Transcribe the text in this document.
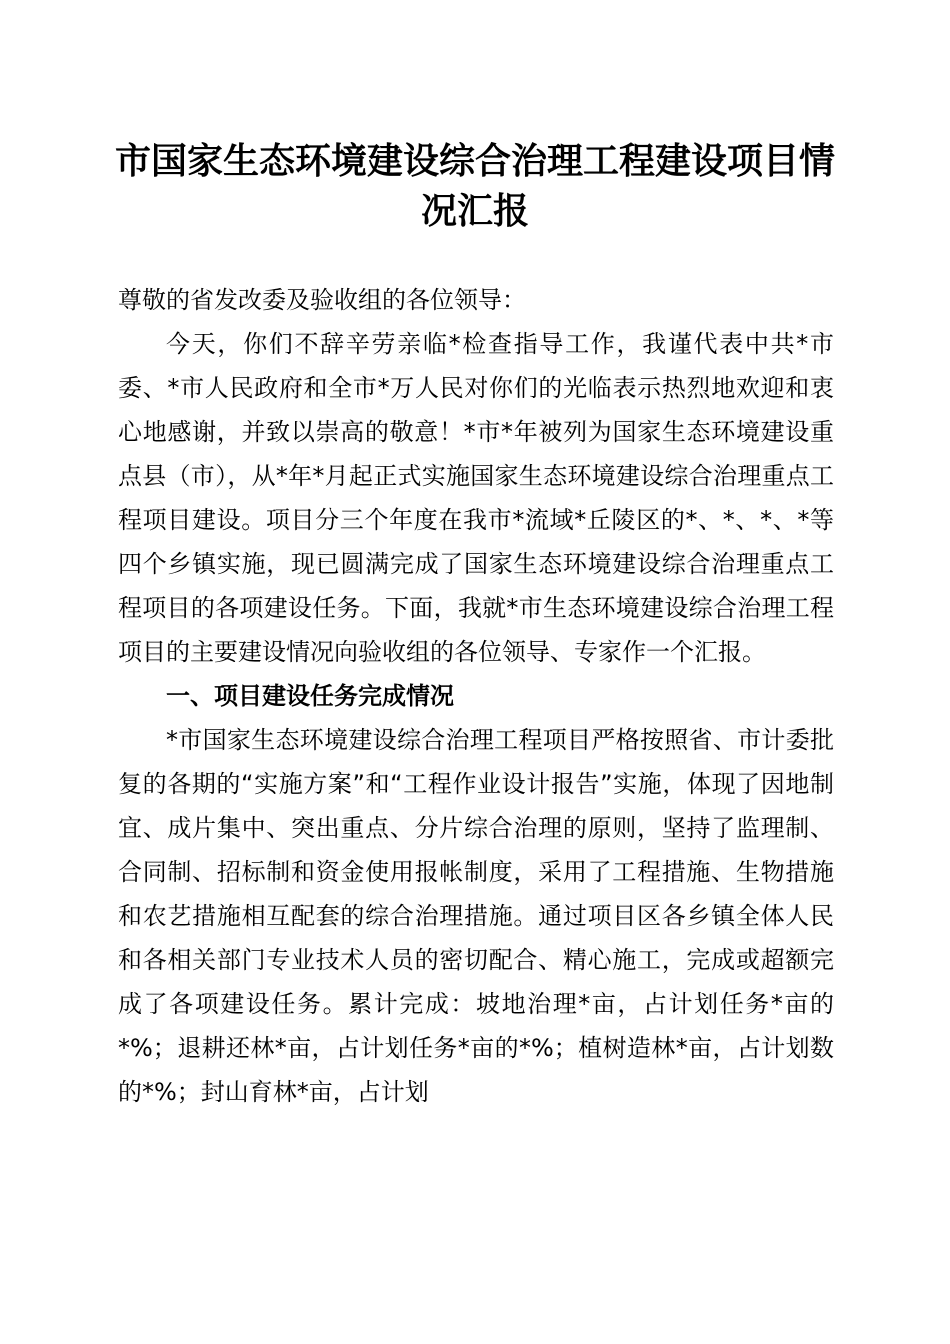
市国家生态环境建设综合治理工程建设项目情况汇报

尊敬的省发改委及验收组的各位领导：

今天，你们不辞辛劳亲临*检查指导工作，我谨代表中共*市委、*市人民政府和全市*万人民对你们的光临表示热烈地欢迎和衷心地感谢，并致以崇高的敬意！*市*年被列为国家生态环境建设重点县（市），从*年*月起正式实施国家生态环境建设综合治理重点工程项目建设。项目分三个年度在我市*流域*丘陵区的*、*、*、*等四个乡镇实施，现已圆满完成了国家生态环境建设综合治理重点工程项目的各项建设任务。下面，我就*市生态环境建设综合治理工程项目的主要建设情况向验收组的各位领导、专家作一个汇报。

一、项目建设任务完成情况

*市国家生态环境建设综合治理工程项目严格按照省、市计委批复的各期的“实施方案”和“工程作业设计报告”实施，体现了因地制宜、成片集中、突出重点、分片综合治理的原则，坚持了监理制、合同制、招标制和资金使用报帐制度，采用了工程措施、生物措施和农艺措施相互配套的综合治理措施。通过项目区各乡镇全体人民和各相关部门专业技术人员的密切配合、精心施工，完成或超额完成了各项建设任务。累计完成：坡地治理*亩，占计划任务*亩的*%；退耕还林*亩，占计划任务*亩的*%；植树造林*亩，占计划数的*%；封山育林*亩，占计划
